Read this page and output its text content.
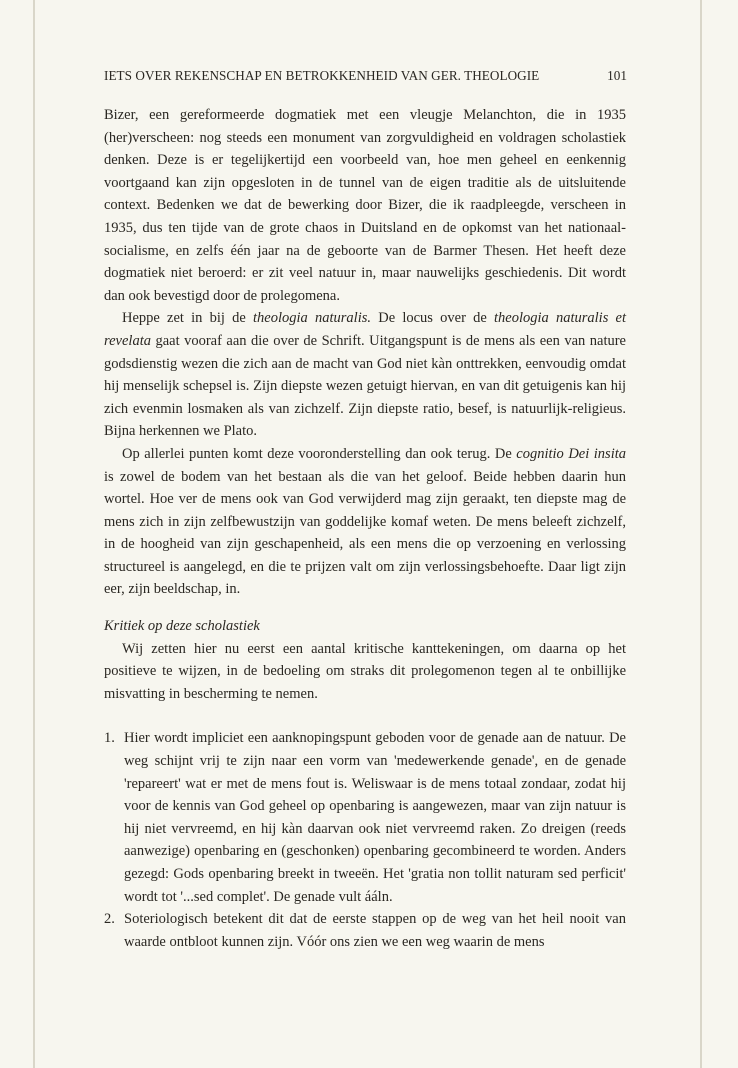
IETS OVER REKENSCHAP EN BETROKKENHEID VAN GER. THEOLOGIE	101

Bizer, een gereformeerde dogmatiek met een vleugje Melanchton, die in 1935 (her)verscheen: nog steeds een monument van zorgvuldigheid en voldragen scholastiek denken. Deze is er tegelijkertijd een voorbeeld van, hoe men geheel en eenkennig voortgaand kan zijn opgesloten in de tunnel van de eigen traditie als de uitsluitende context. Bedenken we dat de bewerking door Bizer, die ik raadpleegde, verscheen in 1935, dus ten tijde van de grote chaos in Duitsland en de opkomst van het nationaal-socialisme, en zelfs één jaar na de geboorte van de Barmer Thesen. Het heeft deze dogmatiek niet beroerd: er zit veel natuur in, maar nauwelijks geschiedenis. Dit wordt dan ook bevestigd door de prolegomena.

Heppe zet in bij de theologia naturalis. De locus over de theologia naturalis et revelata gaat vooraf aan die over de Schrift. Uitgangspunt is de mens als een van nature godsdienstig wezen die zich aan de macht van God niet kàn onttrekken, eenvoudig omdat hij menselijk schepsel is. Zijn diepste wezen getuigt hiervan, en van dit getuigenis kan hij zich evenmin losmaken als van zichzelf. Zijn diepste ratio, besef, is natuurlijk-religieus. Bijna herkennen we Plato.

Op allerlei punten komt deze vooronderstelling dan ook terug. De cognitio Dei insita is zowel de bodem van het bestaan als die van het geloof. Beide hebben daarin hun wortel. Hoe ver de mens ook van God verwijderd mag zijn geraakt, ten diepste mag de mens zich in zijn zelfbewustzijn van goddelijke komaf weten. De mens beleeft zichzelf, in de hoogheid van zijn geschapenheid, als een mens die op verzoening en verlossing structureel is aangelegd, en die te prijzen valt om zijn verlossingsbehoefte. Daar ligt zijn eer, zijn beeldschap, in.

Kritiek op deze scholastiek

Wij zetten hier nu eerst een aantal kritische kanttekeningen, om daarna op het positieve te wijzen, in de bedoeling om straks dit prolegomenon tegen al te onbillijke misvatting in bescherming te nemen.

1. Hier wordt impliciet een aanknopingspunt geboden voor de genade aan de natuur. De weg schijnt vrij te zijn naar een vorm van 'medewerkende genade', en de genade 'repareert' wat er met de mens fout is. Weliswaar is de mens totaal zondaar, zodat hij voor de kennis van God geheel op openbaring is aangewezen, maar van zijn natuur is hij niet vervreemd, en hij kàn daarvan ook niet vervreemd raken. Zo dreigen (reeds aanwezige) openbaring en (geschonken) openbaring gecombineerd te worden. Anders gezegd: Gods openbaring breekt in tweeën. Het 'gratia non tollit naturam sed perficit' wordt tot '...sed complet'. De genade vult ááln.
2. Soteriologisch betekent dit dat de eerste stappen op de weg van het heil nooit van waarde ontbloot kunnen zijn. Vóór ons zien we een weg waarin de mens
